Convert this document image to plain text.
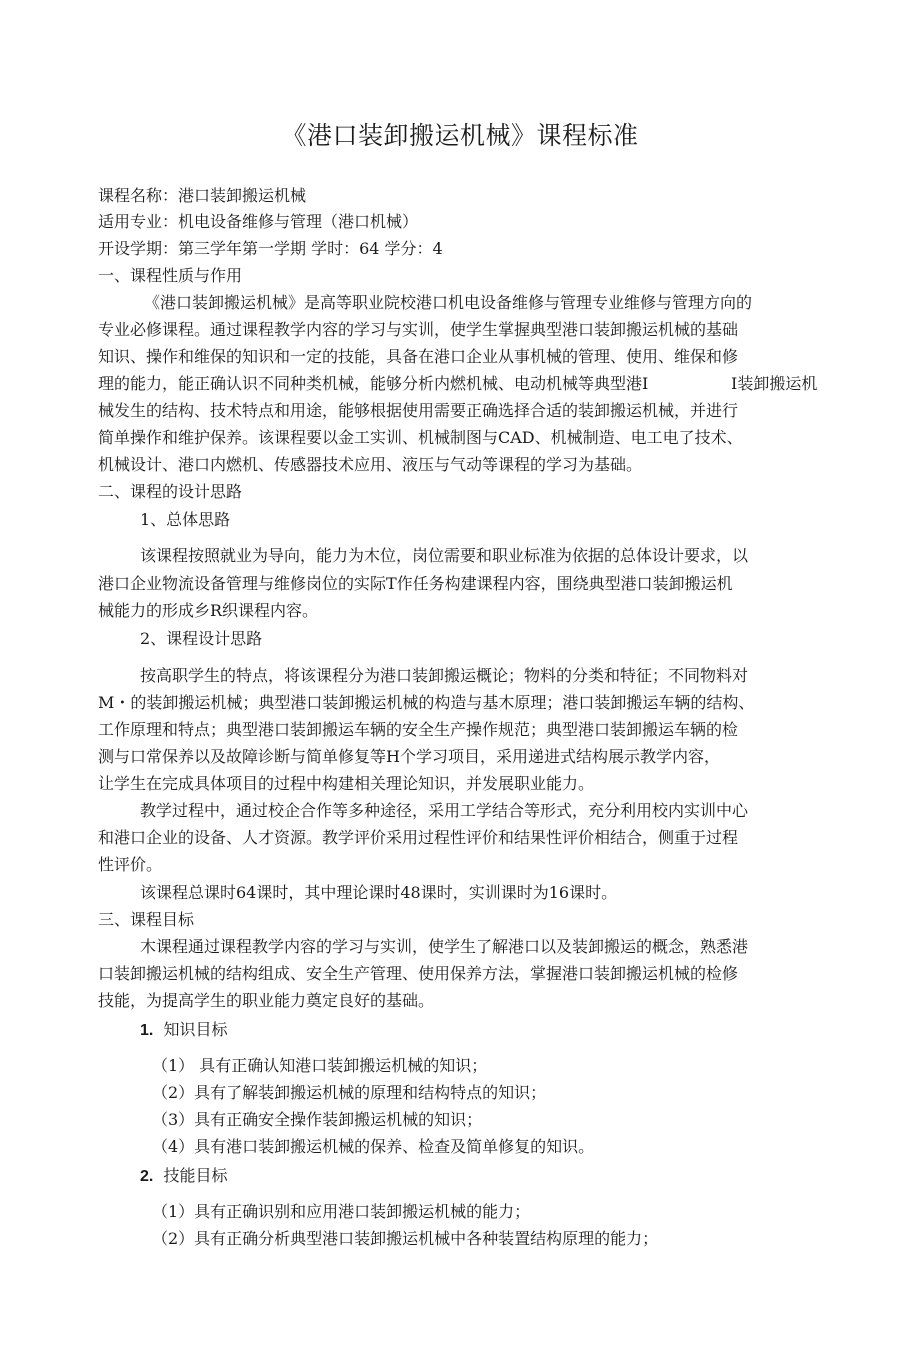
《港口装卸搬运机械》课程标准
课程名称：港口装卸搬运机械
适用专业：机电设备维修与管理（港口机械）
开设学期：第三学年第一学期 学时：64 学分：4
一、课程性质与作用
《港口装卸搬运机械》是高等职业院校港口机电设备维修与管理专业维修与管理方向的
专业必修课程。通过课程教学内容的学习与实训，使学生掌握典型港口装卸搬运机械的基础
知识、操作和维保的知识和一定的技能，具备在港口企业从事机械的管理、使用、维保和修
理的能力，能正确认识不同种类机械，能够分析内燃机械、电动机械等典型港I	I装卸搬运机
械发生的结构、技术特点和用途，能够根据使用需要正确选择合适的装卸搬运机械，并进行
简单操作和维护保养。该课程要以金工实训、机械制图与CAD、机械制造、电工电了技术、
机械设计、港口内燃机、传感器技术应用、液压与气动等课程的学习为基础。
二、课程的设计思路
1、总体思路
该课程按照就业为导向，能力为木位，岗位需要和职业标准为依据的总体设计要求，以
港口企业物流设备管理与维修岗位的实际T作任务构建课程内容，围绕典型港口装卸搬运机
械能力的形成乡R织课程内容。
2、课程设计思路
按高职学生的特点，将该课程分为港口装卸搬运概论；物料的分类和特征；不同物料对
M・的装卸搬运机械；典型港口装卸搬运机械的构造与基木原理；港口装卸搬运车辆的结构、
工作原理和特点；典型港口装卸搬运车辆的安全生产操作规范；典型港口装卸搬运车辆的检
测与口常保养以及故障诊断与简单修复等H个学习项目，采用递进式结构展示教学内容，
让学生在完成具体项目的过程中构建相关理论知识，并发展职业能力。
教学过程中，通过校企合作等多种途径，采用工学结合等形式，充分利用校内实训中心
和港口企业的设备、人才资源。教学评价采用过程性评价和结果性评价相结合，侧重于过程
性评价。
该课程总课时64课时，其中理论课时48课时，实训课时为16课时。
三、课程目标
木课程通过课程教学内容的学习与实训，使学生了解港口以及装卸搬运的概念，熟悉港
口装卸搬运机械的结构组成、安全生产管理、使用保养方法，掌握港口装卸搬运机械的检修
技能，为提高学生的职业能力奠定良好的基础。
1. 知识目标
（1） 具有正确认知港口装卸搬运机械的知识；
（2）具有了解装卸搬运机械的原理和结构特点的知识；
（3）具有正确安全操作装卸搬运机械的知识；
（4）具有港口装卸搬运机械的保养、检查及简单修复的知识。
2. 技能目标
（1）具有正确识别和应用港口装卸搬运机械的能力；
（2）具有正确分析典型港口装卸搬运机械中各种装置结构原理的能力；
